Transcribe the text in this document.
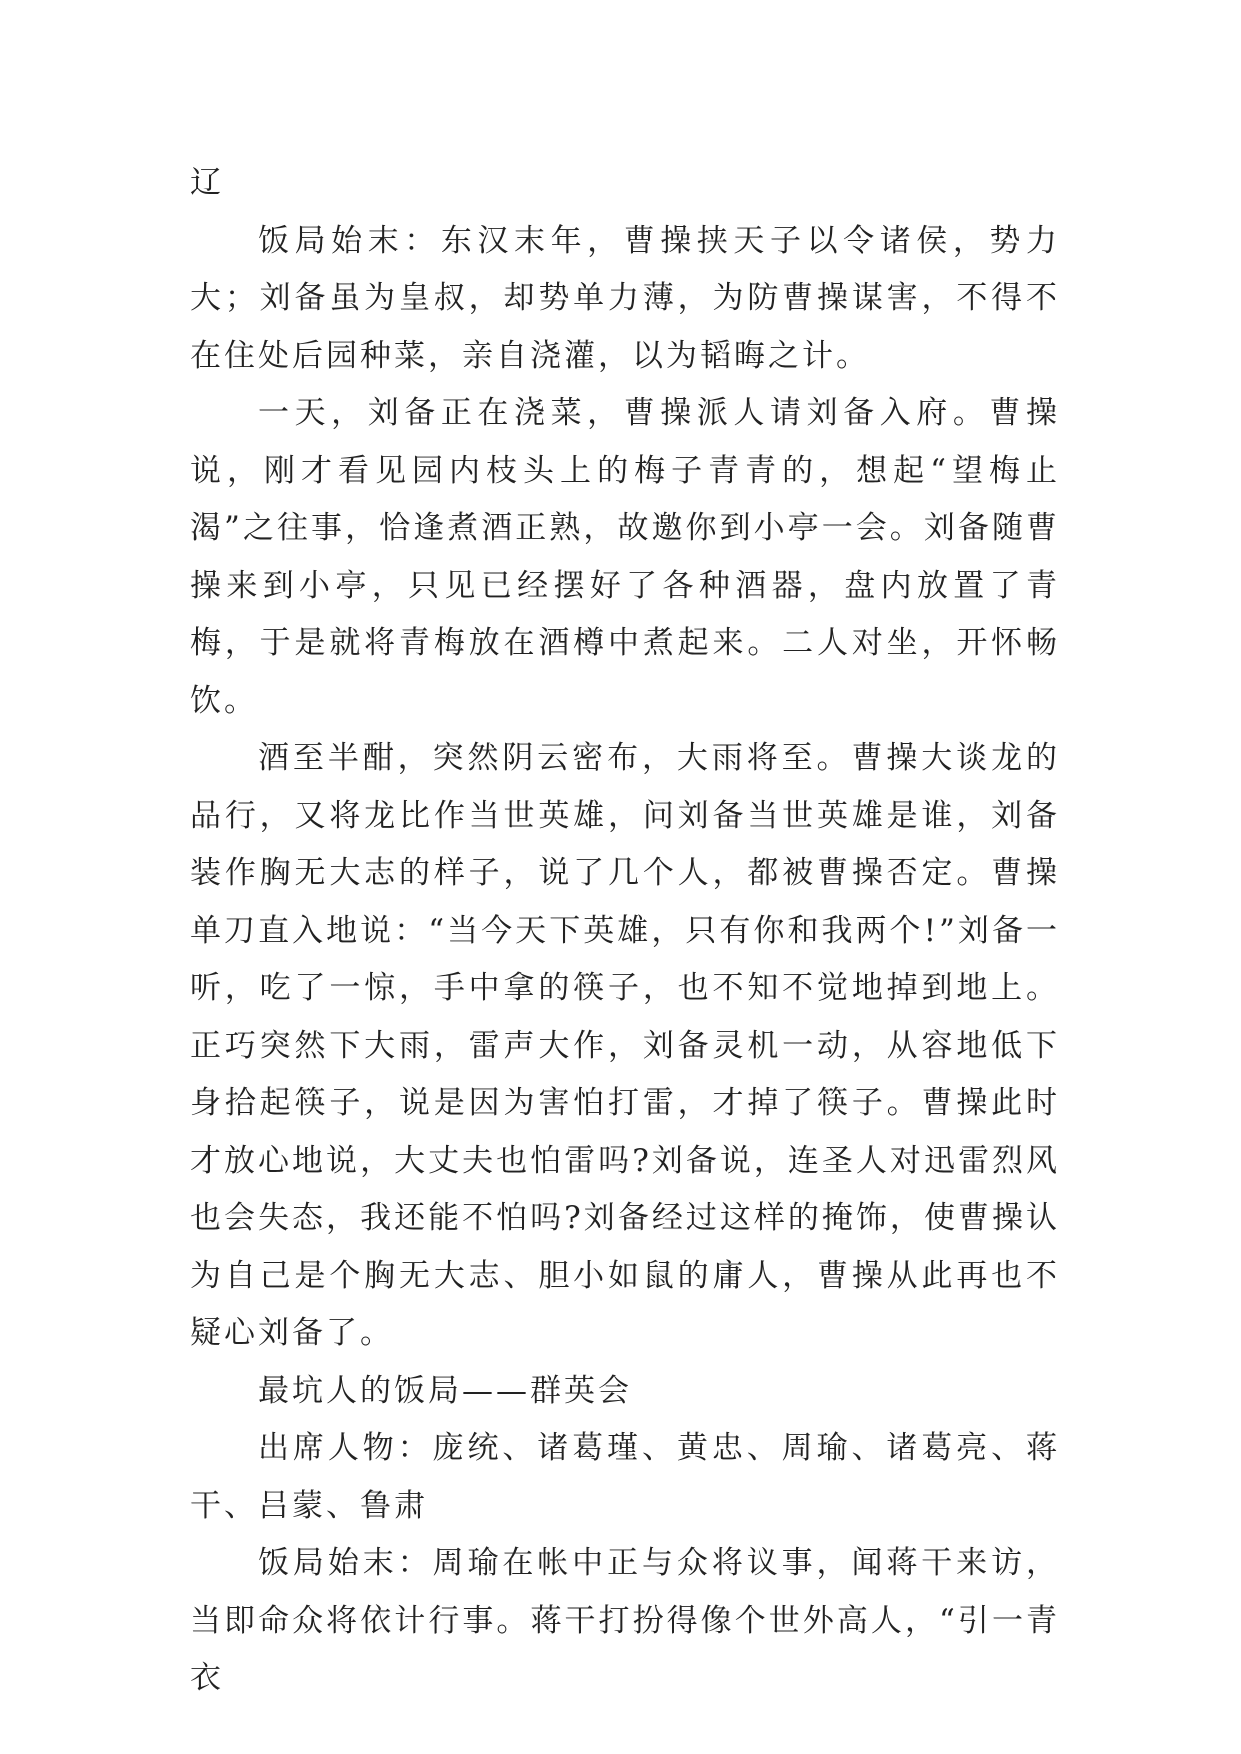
辽

饭局始末：东汉末年，曹操挟天子以令诸侯，势力大；刘备虽为皇叔，却势单力薄，为防曹操谋害，不得不在住处后园种菜，亲自浇灌，以为韬晦之计。

一天，刘备正在浇菜，曹操派人请刘备入府。曹操说，刚才看见园内枝头上的梅子青青的，想起“望梅止渴”之往事，恰逢煮酒正熟，故邀你到小亭一会。刘备随曹操来到小亭，只见已经摆好了各种酒器，盘内放置了青梅，于是就将青梅放在酒樽中煮起来。二人对坐，开怀畅饮。

酒至半酣，突然阴云密布，大雨将至。曹操大谈龙的品行，又将龙比作当世英雄，问刘备当世英雄是谁，刘备装作胸无大志的样子，说了几个人，都被曹操否定。曹操单刀直入地说：“当今天下英雄，只有你和我两个!”刘备一听，吃了一惊，手中拿的筷子，也不知不觉地掉到地上。正巧突然下大雨，雷声大作，刘备灵机一动，从容地低下身拾起筷子，说是因为害怕打雷，才掉了筷子。曹操此时才放心地说，大丈夫也怕雷吗?刘备说，连圣人对迅雷烈风也会失态，我还能不怕吗?刘备经过这样的掩饰，使曹操认为自己是个胸无大志、胆小如鼠的庸人，曹操从此再也不疑心刘备了。

最坑人的饭局——群英会

出席人物：庞统、诸葛瑾、黄忠、周瑜、诸葛亮、蒋干、吕蒙、鲁肃

饭局始末：周瑜在帐中正与众将议事，闻蒋干来访，当即命众将依计行事。蒋干打扮得像个世外高人，“引一青衣
